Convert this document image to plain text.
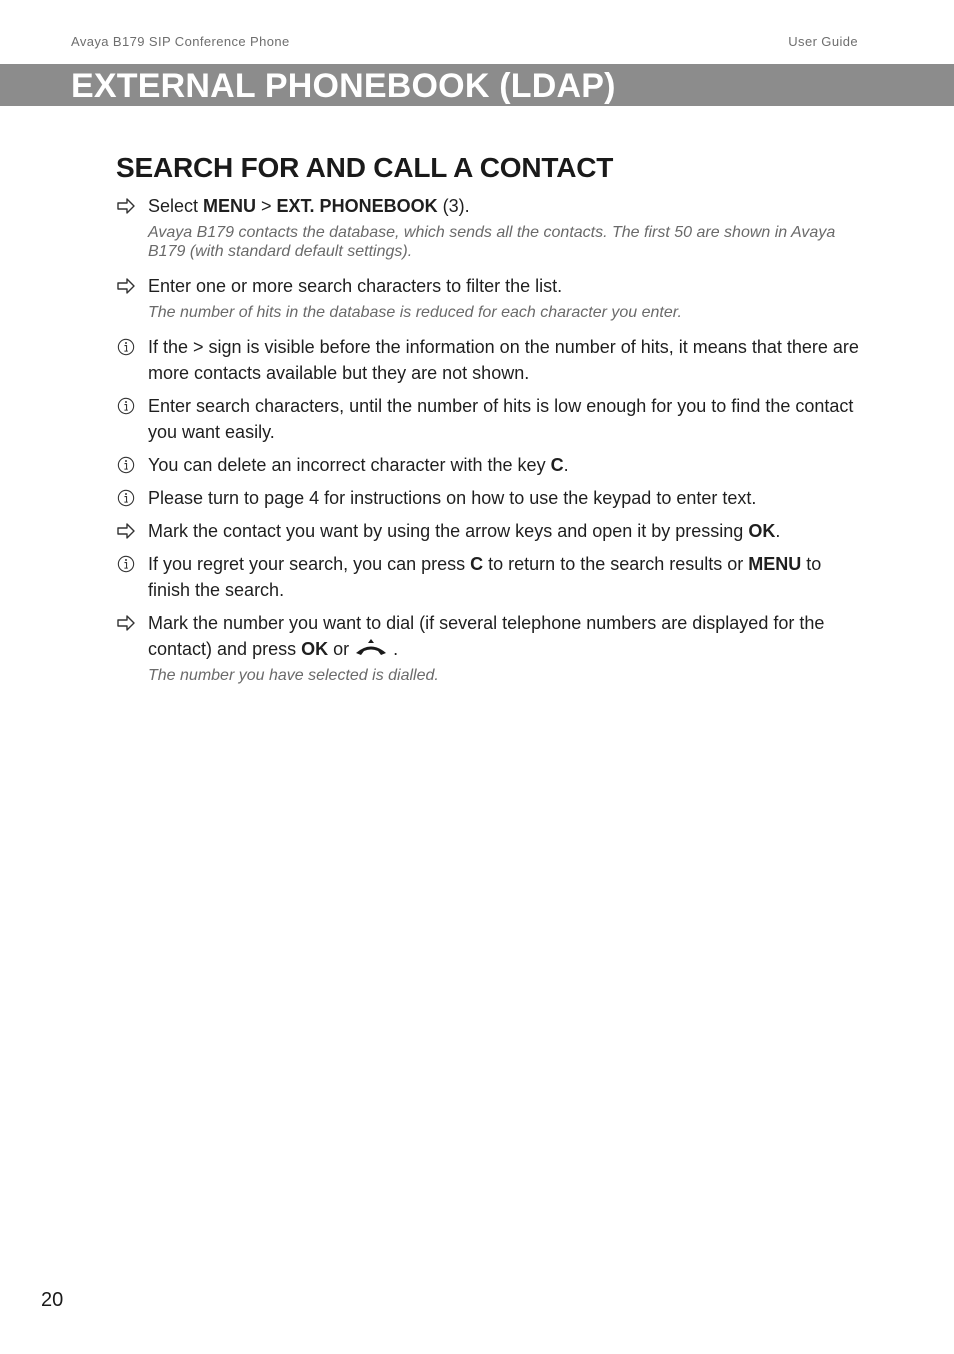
Avaya B179 SIP Conference Phone	User Guide
EXTERNAL PHONEBOOK (LDAP)
SEARCH FOR AND CALL A CONTACT
Select MENU > EXT. PHONEBOOK (3).
Avaya B179 contacts the database, which sends all the contacts. The first 50 are shown in Avaya B179 (with standard default settings).
Enter one or more search characters to filter the list.
The number of hits in the database is reduced for each character you enter.
If the > sign is visible before the information on the number of hits, it means that there are more contacts available but they are not shown.
Enter search characters, until the number of hits is low enough for you to find the contact you want easily.
You can delete an incorrect character with the key C.
Please turn to page 4 for instructions on how to use the keypad to enter text.
Mark the contact you want by using the arrow keys and open it by pressing OK.
If you regret your search, you can press C to return to the search results or MENU to finish the search.
Mark the number you want to dial (if several telephone numbers are displayed for the contact) and press OK or  .
The number you have selected is dialled.
20
